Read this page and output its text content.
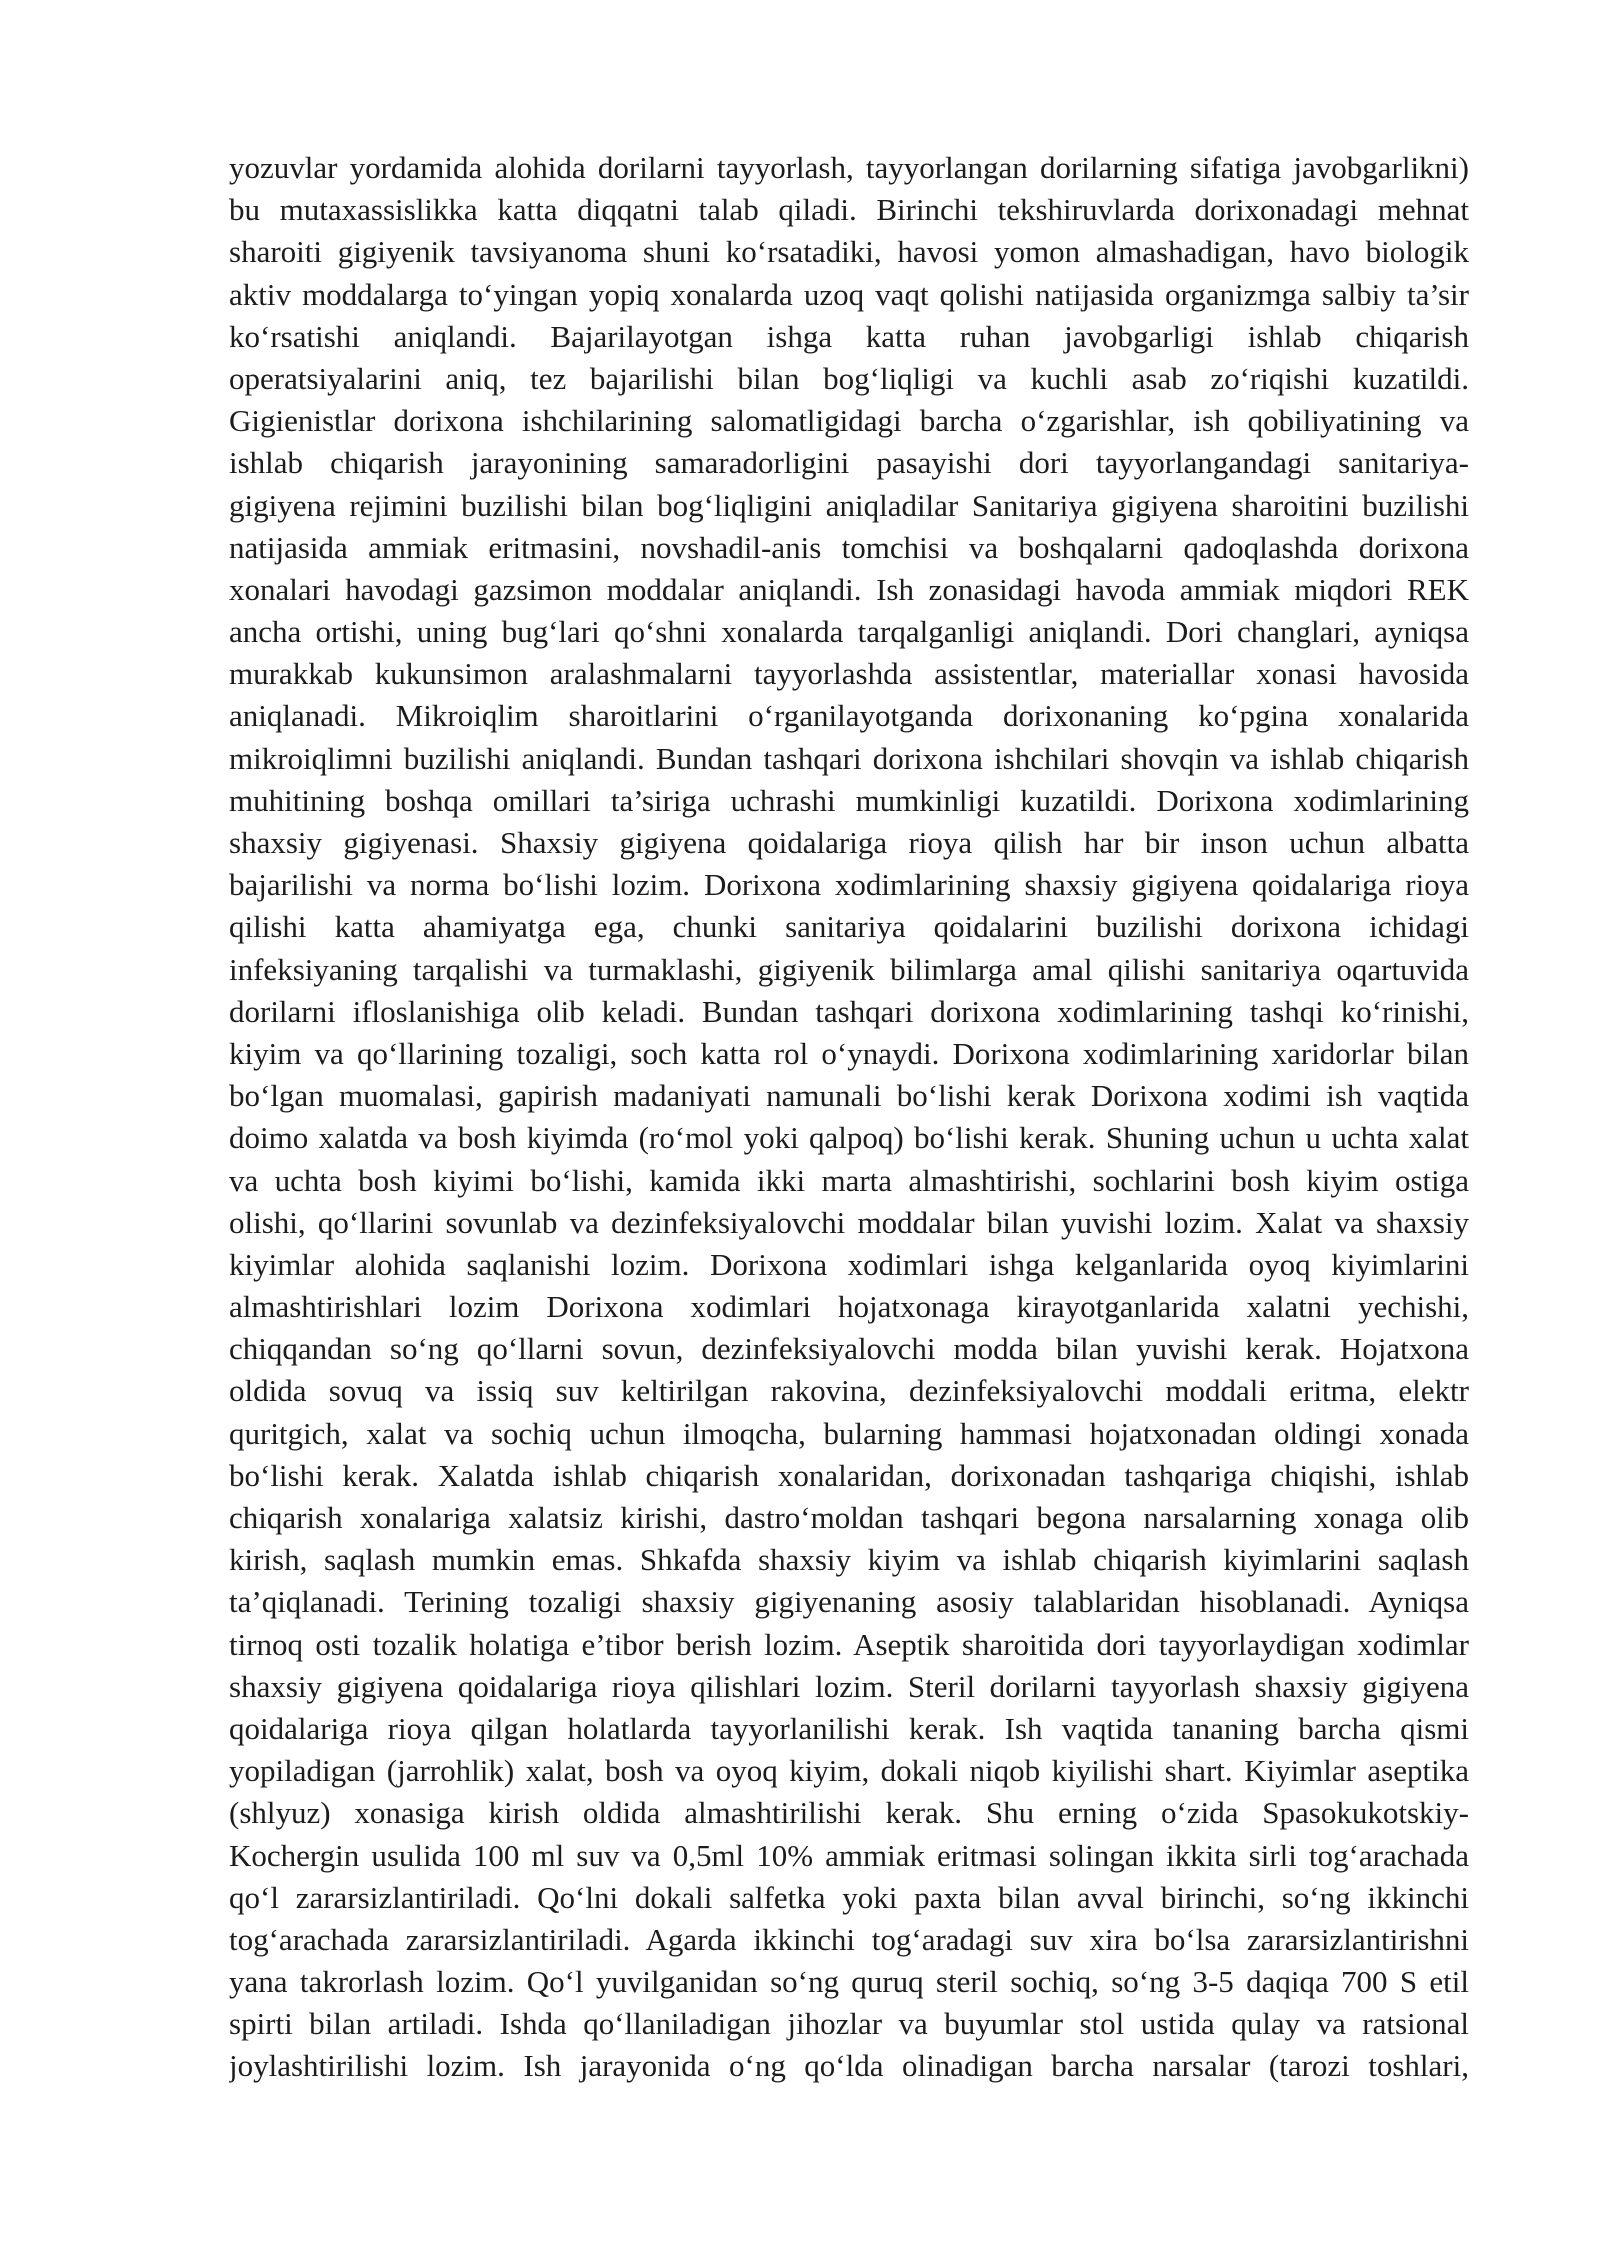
yozuvlar yordamida alohida dorilarni tayyorlash, tayyorlangan dorilarning sifatiga javobgarlikni)
bu mutaxassislikka katta diqqatni talab qiladi. Birinchi tekshiruvlarda dorixonadagi mehnat
sharoiti gigiyenik tavsiyanoma shuni ko‘rsatadiki, havosi yomon almashadigan, havo biologik
aktiv moddalarga to‘yingan yopiq xonalarda uzoq vaqt qolishi natijasida organizmga salbiy ta’sir
ko‘rsatishi aniqlandi. Bajarilayotgan ishga katta ruhan javobgarligi ishlab chiqarish
operatsiyalarini aniq, tez bajarilishi bilan bog‘liqligi va kuchli asab zo‘riqishi kuzatildi.
Gigienistlar dorixona ishchilarining salomatligidagi barcha o‘zgarishlar, ish qobiliyatining va
ishlab chiqarish jarayonining samaradorligini pasayishi dori tayyorlangandagi sanitariya-
gigiyena rejimini buzilishi bilan bog‘liqligini aniqladilar Sanitariya gigiyena sharoitini buzilishi
natijasida ammiak eritmasini, novshadil-anis tomchisi va boshqalarni qadoqlashda dorixona
xonalari havodagi gazsimon moddalar aniqlandi. Ish zonasidagi havoda ammiak miqdori REK
ancha ortishi, uning bug‘lari qo‘shni xonalarda tarqalganligi aniqlandi. Dori changlari, ayniqsa
murakkab kukunsimon aralashmalarni tayyorlashda assistentlar, materiallar xonasi havosida
aniqlanadi. Mikroiqlim sharoitlarini o‘rganilayotganda dorixonaning ko‘pgina xonalarida
mikroiqlimni buzilishi aniqlandi. Bundan tashqari dorixona ishchilari shovqin va ishlab chiqarish
muhitining boshqa omillari ta’siriga uchrashi mumkinligi kuzatildi. Dorixona xodimlarining
shaxsiy gigiyenasi. Shaxsiy gigiyena qoidalariga rioya qilish har bir inson uchun albatta
bajarilishi va norma bo‘lishi lozim. Dorixona xodimlarining shaxsiy gigiyena qoidalariga rioya
qilishi katta ahamiyatga ega, chunki sanitariya qoidalarini buzilishi dorixona ichidagi
infeksiyaning tarqalishi va turmaklashi, gigiyenik bilimlarga amal qilishi sanitariya oqartuvida
dorilarni ifloslanishiga olib keladi. Bundan tashqari dorixona xodimlarining tashqi ko‘rinishi,
kiyim va qo‘llarining tozaligi, soch katta rol o‘ynaydi. Dorixona xodimlarining xaridorlar bilan
bo‘lgan muomalasi, gapirish madaniyati namunali bo‘lishi kerak Dorixona xodimi ish vaqtida
doimo xalatda va bosh kiyimda (ro‘mol yoki qalpoq) bo‘lishi kerak. Shuning uchun u uchta xalat
va uchta bosh kiyimi bo‘lishi, kamida ikki marta almashtirishi, sochlarini bosh kiyim ostiga
olishi, qo‘llarini sovunlab va dezinfeksiyalovchi moddalar bilan yuvishi lozim. Xalat va shaxsiy
kiyimlar alohida saqlanishi lozim. Dorixona xodimlari ishga kelganlarida oyoq kiyimlarini
almashtirishlari lozim Dorixona xodimlari hojatxonaga kirayotganlarida xalatni yechishi,
chiqqandan so‘ng qo‘llarni sovun, dezinfeksiyalovchi modda bilan yuvishi kerak. Hojatxona
oldida sovuq va issiq suv keltirilgan rakovina, dezinfeksiyalovchi moddali eritma, elektr
quritgich, xalat va sochiq uchun ilmoqcha, bularning hammasi hojatxonadan oldingi xonada
bo‘lishi kerak. Xalatda ishlab chiqarish xonalaridan, dorixonadan tashqariga chiqishi, ishlab
chiqarish xonalariga xalatsiz kirishi, dastro‘moldan tashqari begona narsalarning xonaga olib
kirish, saqlash mumkin emas. Shkafda shaxsiy kiyim va ishlab chiqarish kiyimlarini saqlash
ta’qiqlanadi. Terining tozaligi shaxsiy gigiyenaning asosiy talablaridan hisoblanadi. Ayniqsa
tirnoq osti tozalik holatiga e’tibor berish lozim. Aseptik sharoitida dori tayyorlaydigan xodimlar
shaxsiy gigiyena qoidalariga rioya qilishlari lozim. Steril dorilarni tayyorlash shaxsiy gigiyena
qoidalariga rioya qilgan holatlarda tayyorlanilishi kerak. Ish vaqtida tananing barcha qismi
yopiladigan (jarrohlik) xalat, bosh va oyoq kiyim, dokali niqob kiyilishi shart. Kiyimlar aseptika
(shlyuz) xonasiga kirish oldida almashtirilishi kerak. Shu erning o‘zida Spasokukotskiy-
Kochergin usulida 100 ml suv va 0,5ml 10% ammiak eritmasi solingan ikkita sirli tog‘arachada
qo‘l zararsizlantiriladi. Qo‘lni dokali salfetka yoki paxta bilan avval birinchi, so‘ng ikkinchi
tog‘arachada zararsizlantiriladi. Agarda ikkinchi tog‘aradagi suv xira bo‘lsa zararsizlantirishni
yana takrorlash lozim. Qo‘l yuvilganidan so‘ng quruq steril sochiq, so‘ng 3-5 daqiqa 700 S etil
spirti bilan artiladi. Ishda qo‘llaniladigan jihozlar va buyumlar stol ustida qulay va ratsional
joylashtirilishi lozim. Ish jarayonida o‘ng qo‘lda olinadigan barcha narsalar (tarozi toshlari,
